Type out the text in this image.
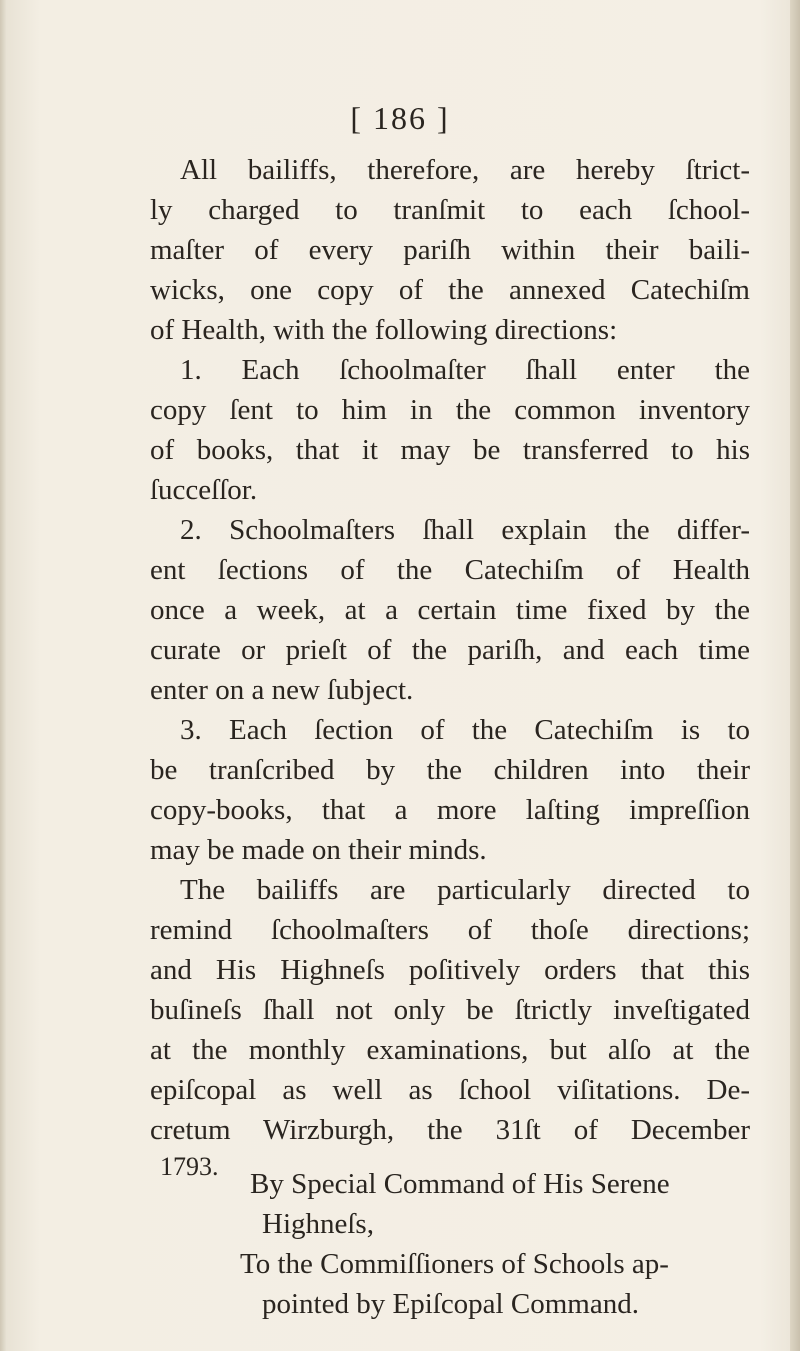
[ 186 ]
All bailiffs, therefore, are hereby ſtrict-
ly charged to tranſmit to each ſchool-
maſter of every pariſh within their baili-
wicks, one copy of the annexed Catechiſm
of Health, with the following directions:
1. Each ſchoolmaſter ſhall enter the
copy ſent to him in the common inventory
of books, that it may be transferred to his
ſucceſſor.
2. Schoolmaſters ſhall explain the differ-
ent ſections of the Catechiſm of Health
once a week, at a certain time fixed by the
curate or prieſt of the pariſh, and each time
enter on a new ſubject.
3. Each ſection of the Catechiſm is to
be tranſcribed by the children into their
copy-books, that a more laſting impreſſion
may be made on their minds.
The bailiffs are particularly directed to
remind ſchoolmaſters of thoſe directions;
and His Highneſs poſitively orders that this
buſineſs ſhall not only be ſtrictly inveſtigated
at the monthly examinations, but alſo at the
epiſcopal as well as ſchool viſitations. De-
cretum Wirzburgh, the 31ſt of December
1793.
By Special Command of His Serene
Highneſs,
To the Commiſſioners of Schools ap-
pointed by Epiſcopal Command.
